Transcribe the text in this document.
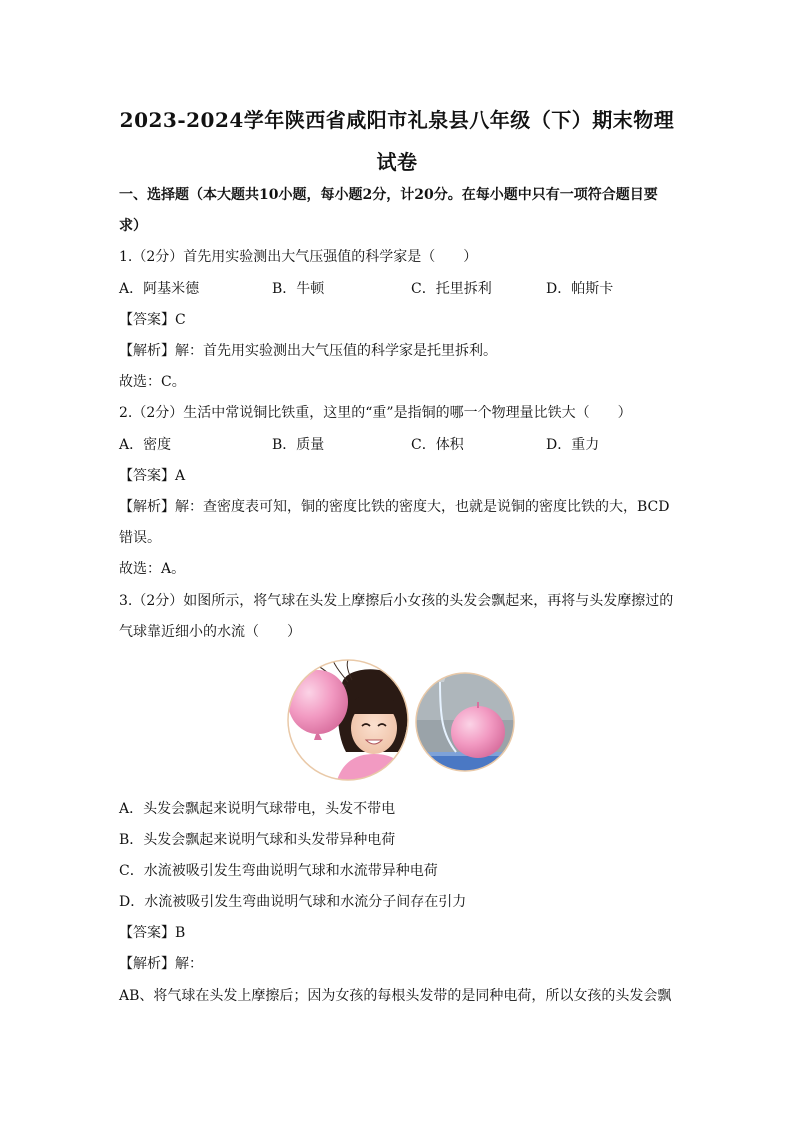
2023-2024学年陕西省咸阳市礼泉县八年级（下）期末物理
试卷
一、选择题（本大题共10小题，每小题2分，计20分。在每小题中只有一项符合题目要
求）
1.（2分）首先用实验测出大气压强值的科学家是（　　）
A．阿基米德	B．牛顿	C．托里拆利	D．帕斯卡
【答案】C
【解析】解：首先用实验测出大气压值的科学家是托里拆利。
故选：C。
2.（2分）生活中常说铜比铁重，这里的“重”是指铜的哪一个物理量比铁大（　　）
A．密度	B．质量	C．体积	D．重力
【答案】A
【解析】解：查密度表可知，铜的密度比铁的密度大，也就是说铜的密度比铁的大，BCD
错误。
故选：A。
3.（2分）如图所示，将气球在头发上摩擦后小女孩的头发会飘起来，再将与头发摩擦过的
气球靠近细小的水流（　　）
A．头发会飘起来说明气球带电，头发不带电
B．头发会飘起来说明气球和头发带异种电荷
C．水流被吸引发生弯曲说明气球和水流带异种电荷
D．水流被吸引发生弯曲说明气球和水流分子间存在引力
【答案】B
【解析】解：
AB、将气球在头发上摩擦后；因为女孩的每根头发带的是同种电荷，所以女孩的头发会飘
